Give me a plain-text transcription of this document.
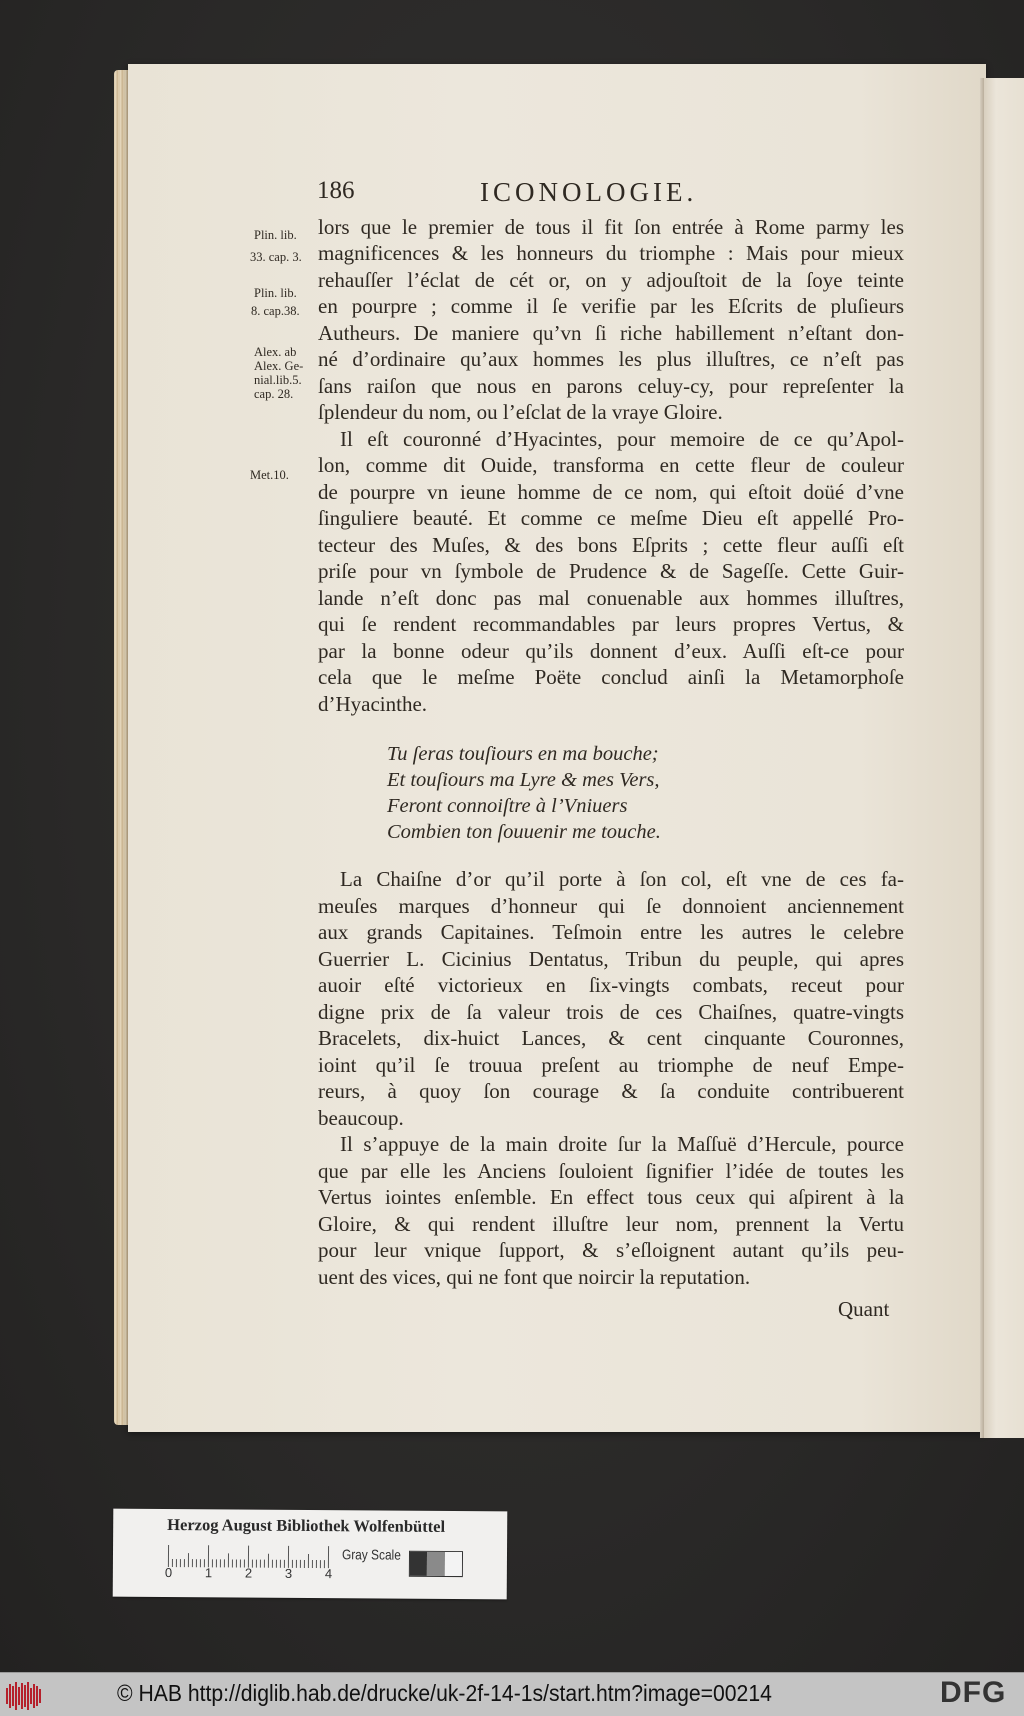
186	ICONOLOGIE.
Plin. lib.
33. cap. 3.
Plin. lib.
8. cap.38.
Alex. ab
Alex. Ge-
nial.lib.5.
cap. 28.
Met.10.
lors que le premier de tous il fit ſon entrée à Rome parmy les
magnificences & les honneurs du triomphe : Mais pour mieux
rehauſſer l’éclat de cét or, on y adjouſtoit de la ſoye teinte
en pourpre ; comme il ſe verifie par les Eſcrits de pluſieurs
Autheurs. De maniere qu’vn ſi riche habillement n’eſtant don-
né d’ordinaire qu’aux hommes les plus illuſtres, ce n’eſt pas
ſans raiſon que nous en parons celuy-cy, pour repreſenter la
ſplendeur du nom, ou l’eſclat de la vraye Gloire.
Il eſt couronné d’Hyacintes, pour memoire de ce qu’Apol-
lon, comme dit Ouide, transforma en cette fleur de couleur
de pourpre vn ieune homme de ce nom, qui eſtoit doüé d’vne
ſinguliere beauté. Et comme ce meſme Dieu eſt appellé Pro-
tecteur des Muſes, & des bons Eſprits ; cette fleur auſſi eſt
priſe pour vn ſymbole de Prudence & de Sageſſe. Cette Guir-
lande n’eſt donc pas mal conuenable aux hommes illuſtres,
qui ſe rendent recommandables par leurs propres Vertus, &
par la bonne odeur qu’ils donnent d’eux. Auſſi eſt-ce pour
cela que le meſme Poëte conclud ainſi la Metamorphoſe
d’Hyacinthe.
Tu ſeras touſiours en ma bouche;
Et touſiours ma Lyre & mes Vers,
Feront connoiſtre à l’Vniuers
Combien ton ſouuenir me touche.
La Chaiſne d’or qu’il porte à ſon col, eſt vne de ces fa-
meuſes marques d’honneur qui ſe donnoient anciennement
aux grands Capitaines. Teſmoin entre les autres le celebre
Guerrier L. Cicinius Dentatus, Tribun du peuple, qui apres
auoir eſté victorieux en ſix-vingts combats, receut pour
digne prix de ſa valeur trois de ces Chaiſnes, quatre-vingts
Bracelets, dix-huict Lances, & cent cinquante Couronnes,
ioint qu’il ſe trouua preſent au triomphe de neuf Empe-
reurs, à quoy ſon courage & ſa conduite contribuerent
beaucoup.
Il s’appuye de la main droite ſur la Maſſuë d’Hercule, pource
que par elle les Anciens ſouloient ſignifier l’idée de toutes les
Vertus iointes enſemble. En effect tous ceux qui aſpirent à la
Gloire, & qui rendent illuſtre leur nom, prennent la Vertu
pour leur vnique ſupport, & s’eſloignent autant qu’ils peu-
uent des vices, qui ne font que noircir la reputation.
Quant
Herzog August Bibliothek Wolfenbüttel
0	1	2	3	4
Gray Scale
© HAB http://diglib.hab.de/drucke/uk-2f-14-1s/start.htm?image=00214	DFG
